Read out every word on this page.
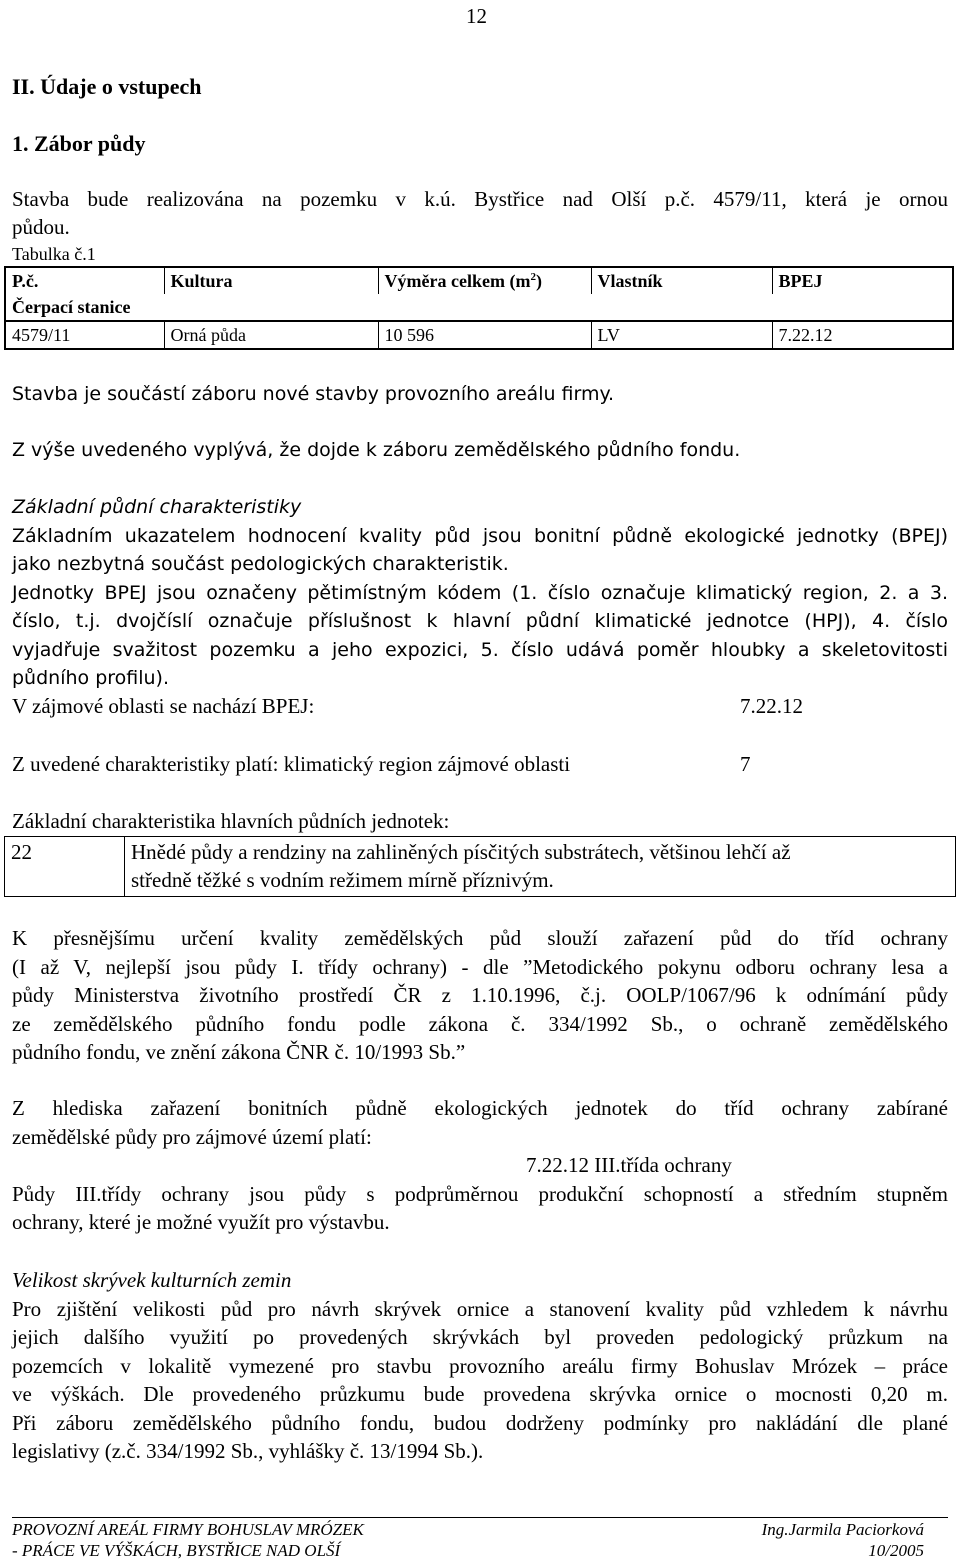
12
II. Údaje o vstupech
1. Zábor půdy
Stavba bude realizována na pozemku v k.ú. Bystřice nad Olší p.č. 4579/11, která je ornou
půdou.
Tabulka č.1
P.č.	Kultura	Výměra celkem $(m^2)$	Vlastník	BPEJ
Čerpací stanice				
4579/11	Orná půda	10 596	LV	7.22.12
Stavba je součástí záboru nové stavby provozního areálu firmy.
Z výše uvedeného vyplývá, že dojde k záboru zemědělského půdního fondu.
Základní půdní charakteristiky
Základním ukazatelem hodnocení kvality půd jsou bonitní půdně ekologické jednotky (BPEJ)
jako nezbytná součást pedologických charakteristik.
Jednotky BPEJ jsou označeny pětimístným kódem (1. číslo označuje klimatický region, 2. a 3.
číslo, t.j. dvojčíslí označuje příslušnost k hlavní půdní klimatické jednotce (HPJ), 4. číslo
vyjadřuje svažitost pozemku a jeho expozici, 5. číslo udává poměr hloubky a skeletovitosti
půdního profilu).
V zájmové oblasti se nachází BPEJ:	7.22.12
Z uvedené charakteristiky platí: klimatický region zájmové oblasti	7
Základní charakteristika hlavních půdních jednotek:
22	Hnědé půdy a rendziny na zahliněných písčitých substrátech, většinou lehčí až
středně těžké s vodním režimem mírně příznivým.
K přesnějšímu určení kvality zemědělských půd slouží zařazení půd do tříd ochrany
(I až V, nejlepší jsou půdy I. třídy ochrany) - dle ”Metodického pokynu odboru ochrany lesa a
půdy Ministerstva životního prostředí ČR z 1.10.1996, č.j. OOLP/1067/96 k odnímání půdy
ze zemědělského půdního fondu podle zákona č. 334/1992 Sb., o ochraně zemědělského
půdního fondu, ve znění zákona ČNR č. 10/1993 Sb.”
Z hlediska zařazení bonitních půdně ekologických jednotek do tříd ochrany zabírané
zemědělské půdy pro zájmové území platí:
7.22.12 III.třída ochrany
Půdy III.třídy ochrany jsou půdy s podprůměrnou produkční schopností a středním stupněm
ochrany, které je možné využít pro výstavbu.
Velikost skrývek kulturních zemin
Pro zjištění velikosti půd pro návrh skrývek ornice a stanovení kvality půd vzhledem k návrhu
jejich dalšího využití po provedených skrývkách byl proveden pedologický průzkum na
pozemcích v lokalitě vymezené pro stavbu provozního areálu firmy Bohuslav Mrózek – práce
ve výškách. Dle provedeného průzkumu bude provedena skrývka ornice o mocnosti 0,20 m.
Při záboru zemědělského půdního fondu, budou dodrženy podmínky pro nakládání dle plané
legislativy (z.č. 334/1992 Sb., vyhlášky č. 13/1994 Sb.).
PROVOZNÍ AREÁL FIRMY BOHUSLAV MRÓZEK	Ing.Jarmila Paciorková
- PRÁCE VE VÝŠKÁCH, BYSTŘICE NAD OLŠÍ	10/2005
